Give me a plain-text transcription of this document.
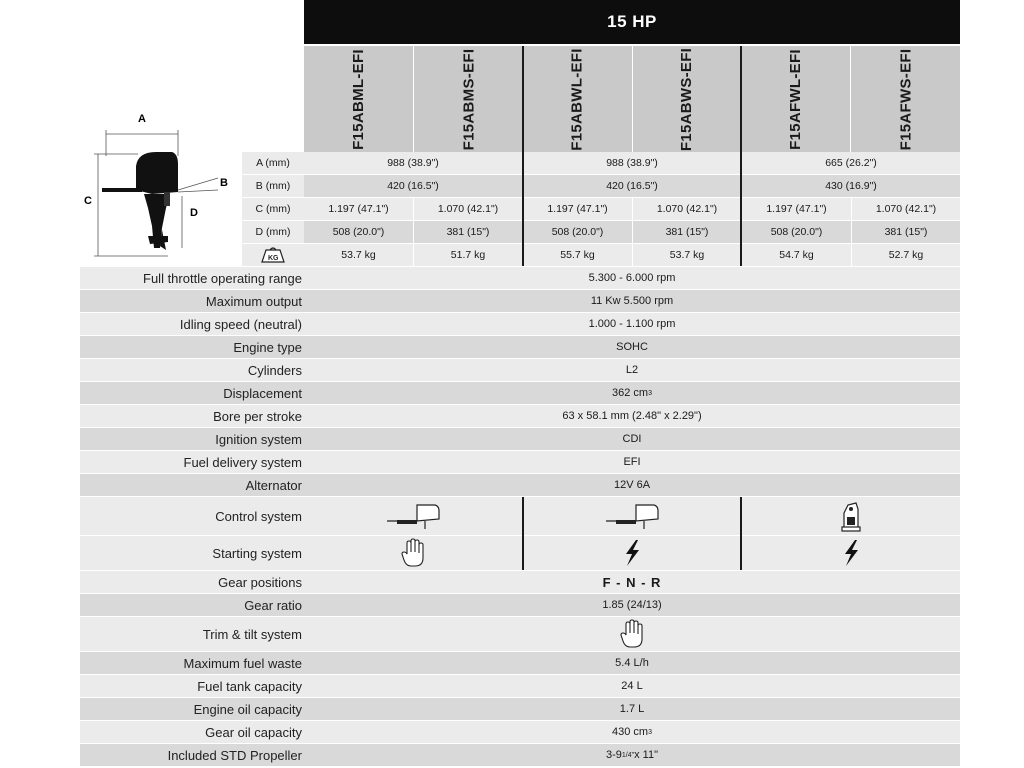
15 HP
F15ABML-EFI	F15ABMS-EFI	F15ABWL-EFI	F15ABWS-EFI	F15AFWL-EFI	F15AFWS-EFI
A
B
C
D
A (mm)	988 (38.9")	988 (38.9")	665 (26.2")
B (mm)	420 (16.5")	420 (16.5")	430 (16.9")
C (mm)	1.197 (47.1")	1.070 (42.1")	1.197 (47.1")	1.070 (42.1")	1.197 (47.1")	1.070 (42.1")
D (mm)	508 (20.0")	381 (15")	508 (20.0")	381 (15")	508 (20.0")	381 (15")
KG	53.7 kg	51.7 kg	55.7 kg	53.7 kg	54.7 kg	52.7 kg
Full throttle operating range	5.300 - 6.000 rpm
Maximum output	11 Kw 5.500 rpm
Idling speed (neutral)	1.000 - 1.100 rpm
Engine type	SOHC
Cylinders	L2
Displacement	362 cm 3
Bore per stroke	63 x 58.1 mm (2.48" x 2.29")
Ignition system	CDI
Fuel delivery system	EFI
Alternator	12V 6A
Control system
Starting system
Gear positions	F - N - R
Gear ratio	1.85 (24/13)
Trim & tilt system
Maximum fuel waste	5.4 L/h
Fuel tank capacity	24 L
Engine oil capacity	1.7 L
Gear oil capacity	430 cm 3
Included STD Propeller	3-9 1/4" x 11"
